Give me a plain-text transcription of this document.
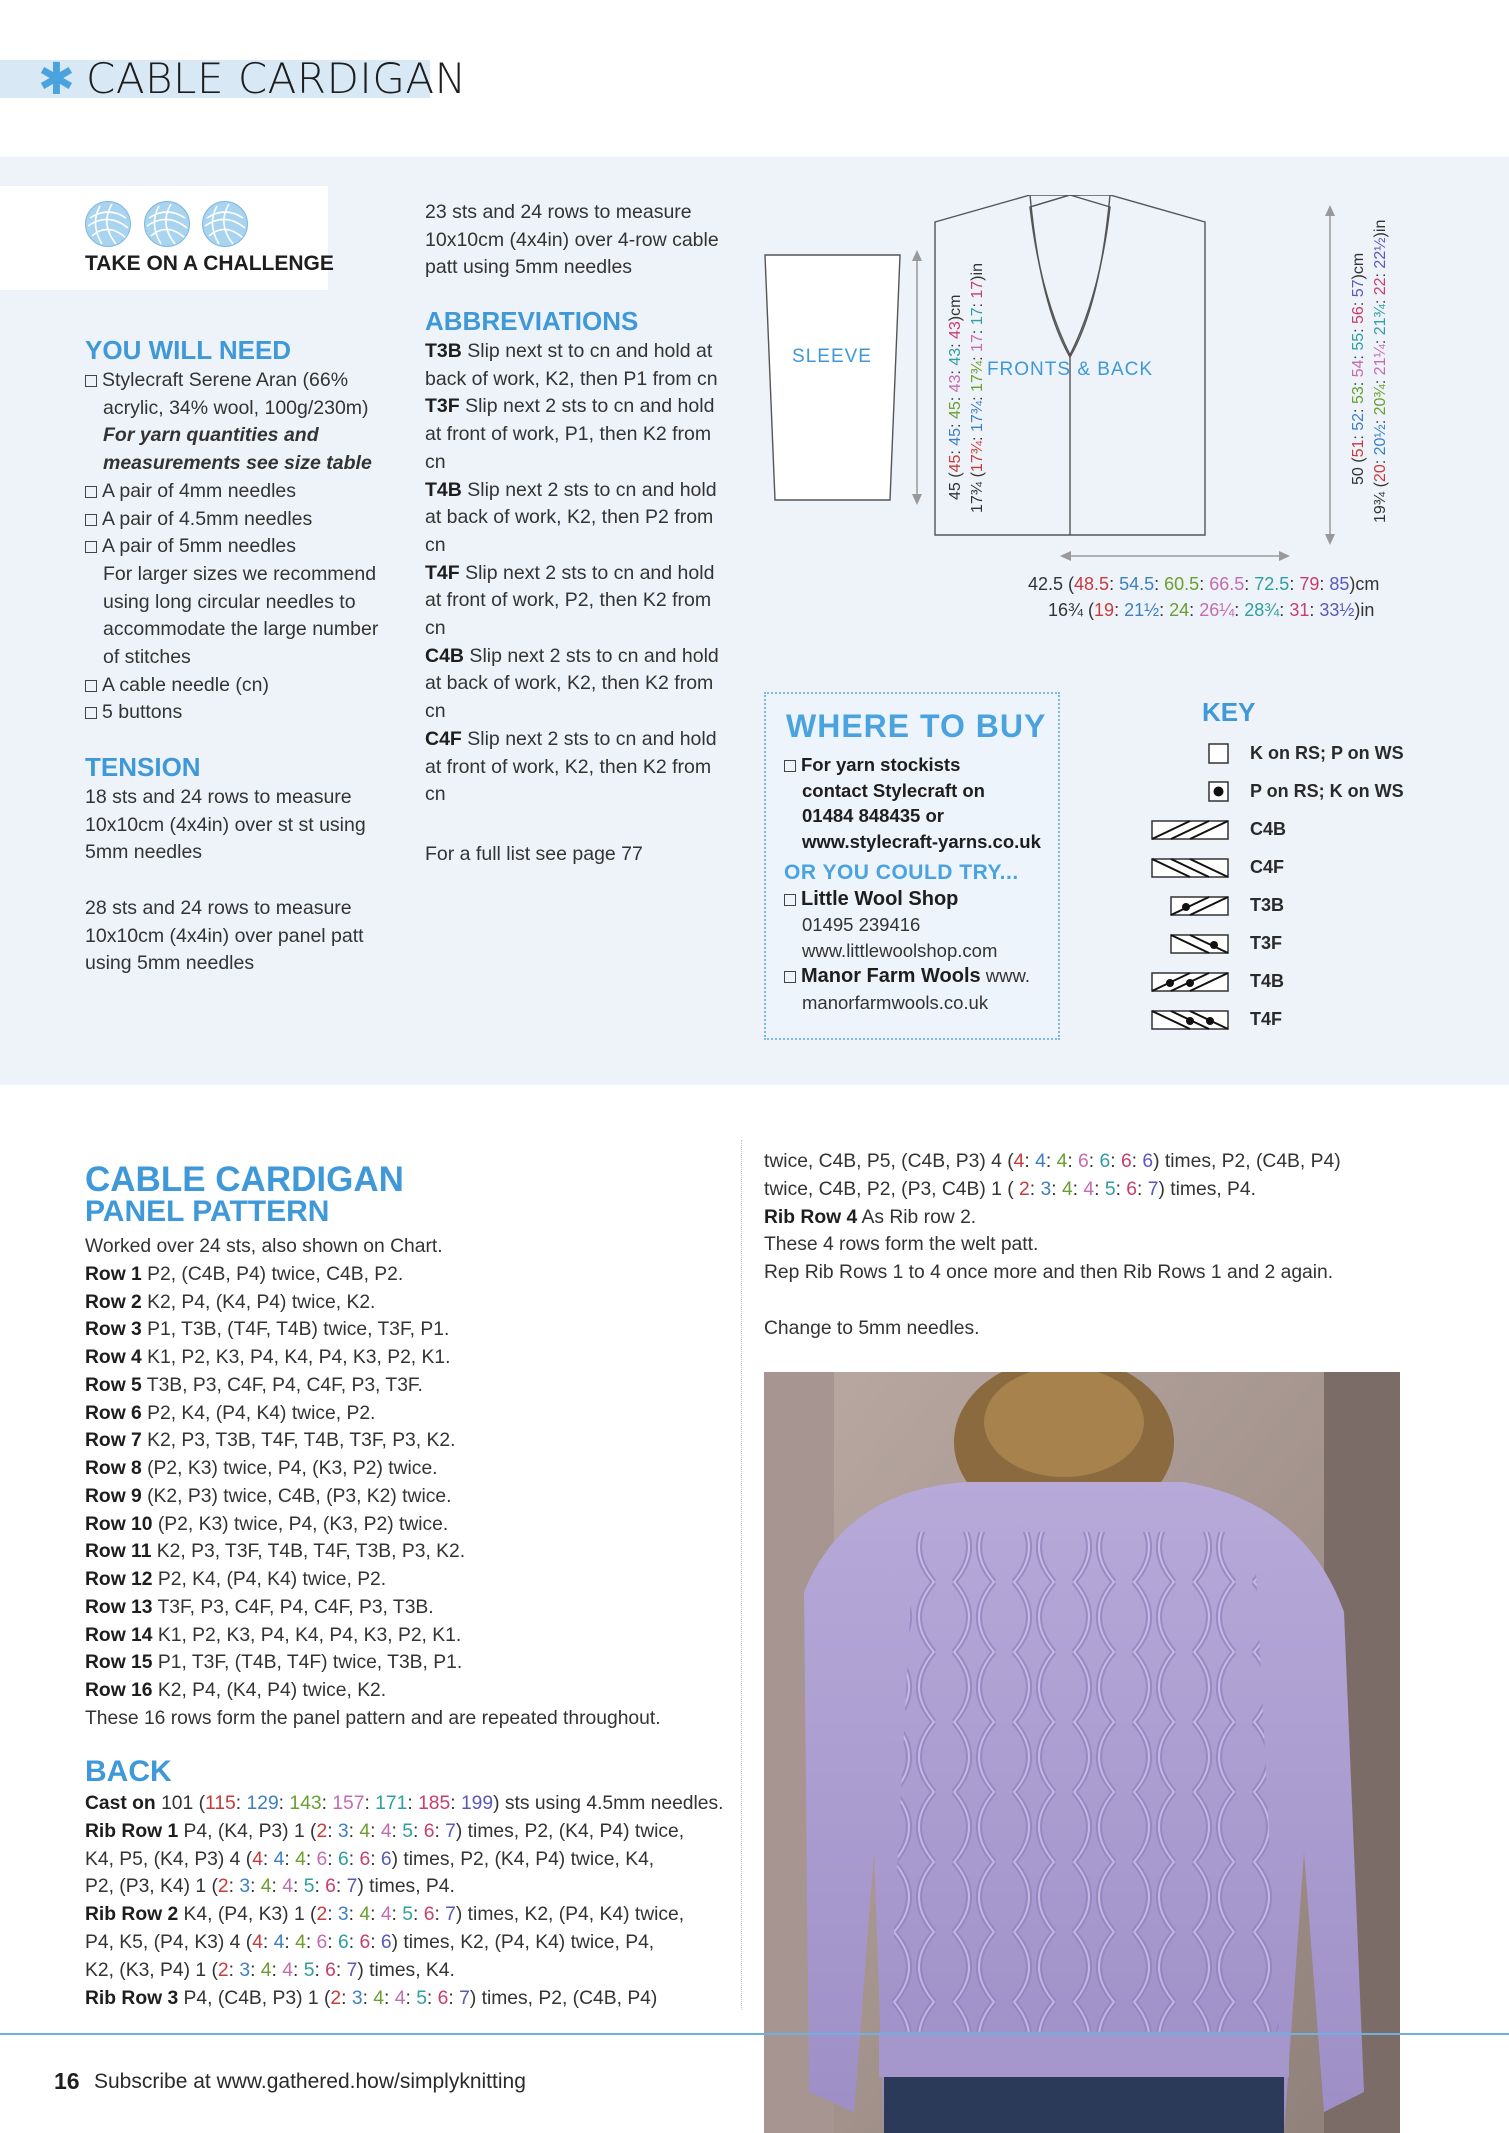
✱ CABLE CARDIGAN
TAKE ON A CHALLENGE
YOU WILL NEED
Stylecraft Serene Aran (66%
acrylic, 34% wool, 100g/230m)
For yarn quantities and
measurements see size table
A pair of 4mm needles
A pair of 4.5mm needles
A pair of 5mm needles
For larger sizes we recommend
using long circular needles to
accommodate the large number
of stitches
A cable needle (cn)
5 buttons
TENSION
18 sts and 24 rows to measure
10x10cm (4x4in) over st st using
5mm needles
28 sts and 24 rows to measure
10x10cm (4x4in) over panel patt
using 5mm needles
23 sts and 24 rows to measure
10x10cm (4x4in) over 4-row cable
patt using 5mm needles
ABBREVIATIONS
T3B Slip next st to cn and hold at
back of work, K2, then P1 from cn
T3F Slip next 2 sts to cn and hold
at front of work, P1, then K2 from
cn
T4B Slip next 2 sts to cn and hold
at back of work, K2, then P2 from
cn
T4F Slip next 2 sts to cn and hold
at front of work, P2, then K2 from
cn
C4B Slip next 2 sts to cn and hold
at back of work, K2, then K2 from
cn
C4F Slip next 2 sts to cn and hold
at front of work, K2, then K2 from
cn
For a full list see page 77
SLEEVE
FRONTS & BACK
45 (45: 45: 45: 43: 43: 43)cm
17¾ (17¾: 17¾: 17¾: 17: 17: 17)in
50 (51: 52: 53: 54: 55: 56: 57)cm
19¾ (20: 20½: 20¾: 21¼: 21¾: 22: 22½)in
42.5 (48.5: 54.5: 60.5: 66.5: 72.5: 79: 85)cm
16¾ (19: 21½: 24: 26¼: 28¾: 31: 33½)in
WHERE TO BUY
For yarn stockists
contact Stylecraft on
01484 848435 or
www.stylecraft-yarns.co.uk
OR YOU COULD TRY...
Little Wool Shop
01495 239416
www.littlewoolshop.com
Manor Farm Wools www.
manorfarmwools.co.uk
KEY
K on RS; P on WS
P on RS; K on WS
C4B
C4F
T3B
T3F
T4B
T4F
CABLE CARDIGAN
PANEL PATTERN
Worked over 24 sts, also shown on Chart.
Row 1 P2, (C4B, P4) twice, C4B, P2.
Row 2 K2, P4, (K4, P4) twice, K2.
Row 3 P1, T3B, (T4F, T4B) twice, T3F, P1.
Row 4 K1, P2, K3, P4, K4, P4, K3, P2, K1.
Row 5 T3B, P3, C4F, P4, C4F, P3, T3F.
Row 6 P2, K4, (P4, K4) twice, P2.
Row 7 K2, P3, T3B, T4F, T4B, T3F, P3, K2.
Row 8 (P2, K3) twice, P4, (K3, P2) twice.
Row 9 (K2, P3) twice, C4B, (P3, K2) twice.
Row 10 (P2, K3) twice, P4, (K3, P2) twice.
Row 11 K2, P3, T3F, T4B, T4F, T3B, P3, K2.
Row 12 P2, K4, (P4, K4) twice, P2.
Row 13 T3F, P3, C4F, P4, C4F, P3, T3B.
Row 14 K1, P2, K3, P4, K4, P4, K3, P2, K1.
Row 15 P1, T3F, (T4B, T4F) twice, T3B, P1.
Row 16 K2, P4, (K4, P4) twice, K2.
These 16 rows form the panel pattern and are repeated throughout.
BACK
Cast on 101 (115: 129: 143: 157: 171: 185: 199) sts using 4.5mm needles.
Rib Row 1 P4, (K4, P3) 1 (2: 3: 4: 4: 5: 6: 7) times, P2, (K4, P4) twice,
K4, P5, (K4, P3) 4 (4: 4: 4: 6: 6: 6: 6) times, P2, (K4, P4) twice, K4,
P2, (P3, K4) 1 (2: 3: 4: 4: 5: 6: 7) times, P4.
Rib Row 2 K4, (P4, K3) 1 (2: 3: 4: 4: 5: 6: 7) times, K2, (P4, K4) twice,
P4, K5, (P4, K3) 4 (4: 4: 4: 6: 6: 6: 6) times, K2, (P4, K4) twice, P4,
K2, (K3, P4) 1 (2: 3: 4: 4: 5: 6: 7) times, K4.
Rib Row 3 P4, (C4B, P3) 1 (2: 3: 4: 4: 5: 6: 7) times, P2, (C4B, P4)
twice, C4B, P5, (C4B, P3) 4 (4: 4: 4: 6: 6: 6: 6) times, P2, (C4B, P4)
twice, C4B, P2, (P3, C4B) 1 ( 2: 3: 4: 4: 5: 6: 7) times, P4.
Rib Row 4 As Rib row 2.
These 4 rows form the welt patt.
Rep Rib Rows 1 to 4 once more and then Rib Rows 1 and 2 again.
Change to 5mm needles.
16 Subscribe at www.gathered.how/simplyknitting
